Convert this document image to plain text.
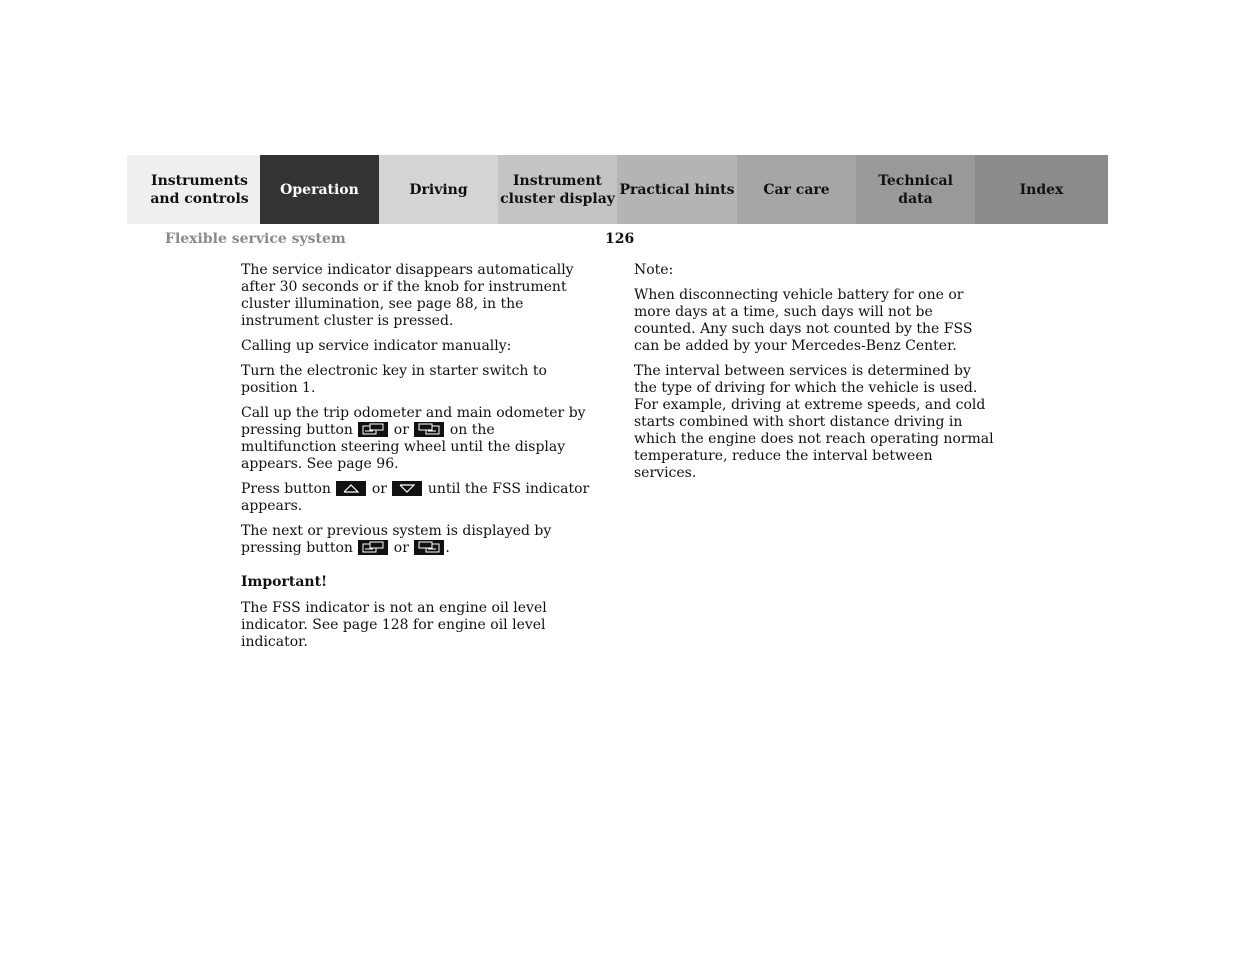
Instruments
and controls
Operation	Driving
Instrument
cluster display
Practical hints	Car care
Technical
data
Index
Flexible service system	126

The service indicator disappears automatically after 30 seconds or if the knob for instrument cluster illumination, see page 88, in the instrument cluster is pressed.

Calling up service indicator manually:

Turn the electronic key in starter switch to position 1.

Call up the trip odometer and main odometer by pressing button	or	on the multifunction steering wheel until the display appears. See page 96.

Press button	or	until the FSS indicator appears.

The next or previous system is displayed by pressing button	or	.

Important!

The FSS indicator is not an engine oil level indicator. See page 128 for engine oil level indicator.

Note:

When disconnecting vehicle battery for one or more days at a time, such days will not be counted. Any such days not counted by the FSS can be added by your Mercedes-Benz Center.

The interval between services is determined by the type of driving for which the vehicle is used. For example, driving at extreme speeds, and cold starts combined with short distance driving in which the engine does not reach operating normal temperature, reduce the interval between services.
